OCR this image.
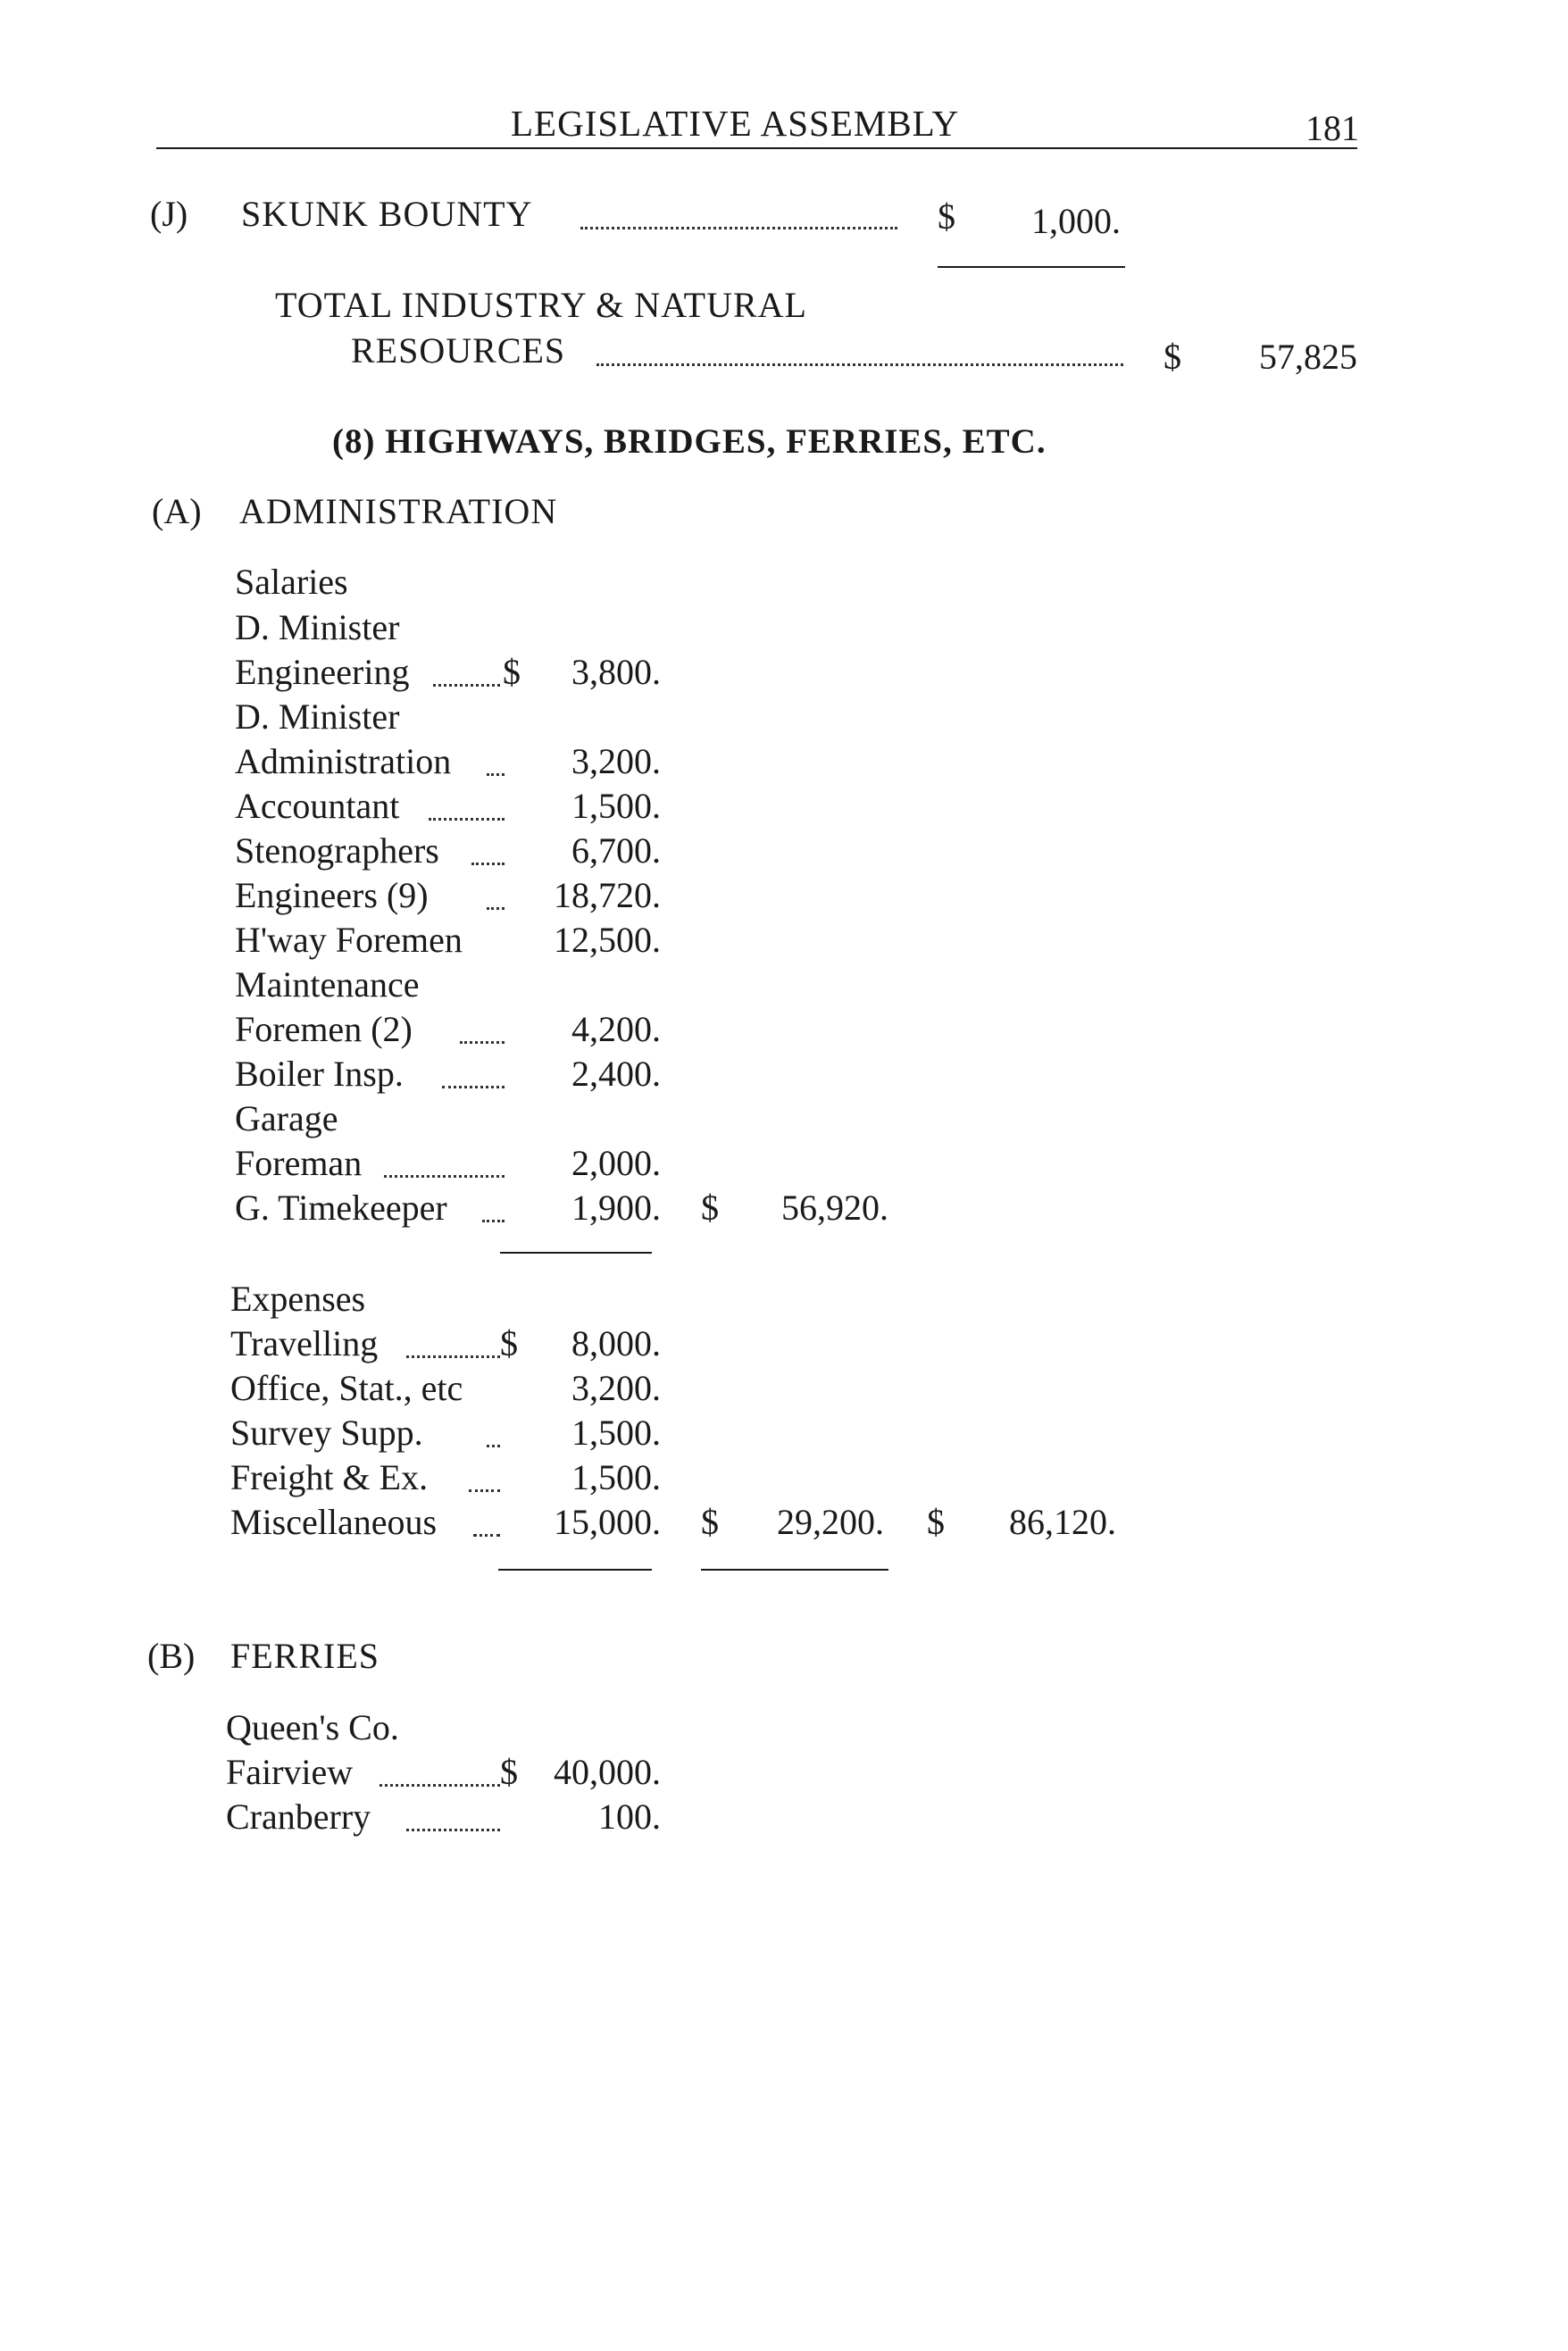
LEGISLATIVE ASSEMBLY	181
(J) SKUNK BOUNTY	$	1,000.
TOTAL INDUSTRY & NATURAL
RESOURCES	$	57,825
(8) HIGHWAYS, BRIDGES, FERRIES, ETC.
(A) ADMINISTRATION
Salaries
D. Minister
Engineering	$	3,800.
D. Minister
Administration	3,200.
Accountant	1,500.
Stenographers	6,700.
Engineers (9)	18,720.
H'way Foremen	12,500.
Maintenance
Foremen (2)	4,200.
Boiler Insp.	2,400.
Garage
Foreman	2,000.
G. Timekeeper	1,900. $	56,920.
Expenses
Travelling	$	8,000.
Office, Stat., etc	3,200.
Survey Supp.	1,500.
Freight & Ex.	1,500.
Miscellaneous	15,000. $	29,200. $	86,120.
(B) FERRIES
Queen's Co.
Fairview	$	40,000.
Cranberry	100.
